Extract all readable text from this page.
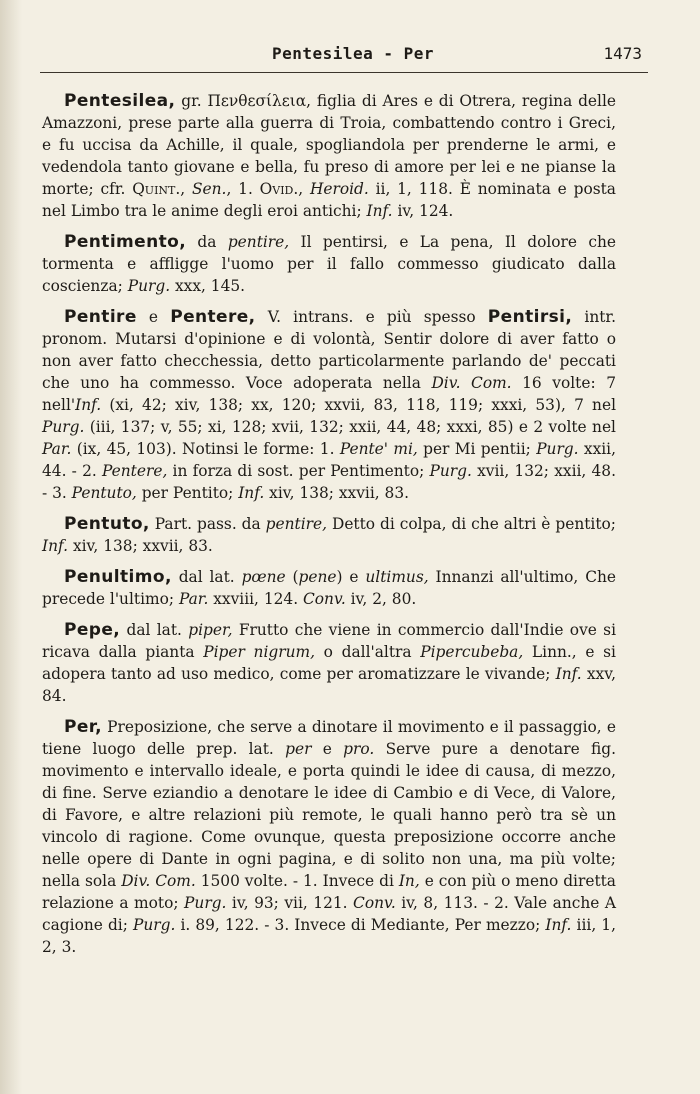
Pentesilea - Per	1473

Pentesilea, gr. Πενθεσίλεια, figlia di Ares e di Otrera, regina delle Amazzoni, prese parte alla guerra di Troia, combattendo contro i Greci, e fu uccisa da Achille, il quale, spogliandola per prenderne le armi, e vedendola tanto giovane e bella, fu preso di amore per lei e ne pianse la morte; cfr. Quint., Sen., 1. Ovid., Heroid. ii, 1, 118. È nominata e posta nel Limbo tra le anime degli eroi antichi; Inf. iv, 124.

Pentimento, da pentire, Il pentirsi, e La pena, Il dolore che tormenta e affligge l'uomo per il fallo commesso giudicato dalla coscienza; Purg. xxx, 145.

Pentire e Pentere, V. intrans. e più spesso Pentirsi, intr. pronom. Mutarsi d'opinione e di volontà, Sentir dolore di aver fatto o non aver fatto checchessia, detto particolarmente parlando de' peccati che uno ha commesso. Voce adoperata nella Div. Com. 16 volte: 7 nell'Inf. (xi, 42; xiv, 138; xx, 120; xxvii, 83, 118, 119; xxxi, 53), 7 nel Purg. (iii, 137; v, 55; xi, 128; xvii, 132; xxii, 44, 48; xxxi, 85) e 2 volte nel Par. (ix, 45, 103). Notinsi le forme: 1. Pente' mi, per Mi pentii; Purg. xxii, 44. - 2. Pentere, in forza di sost. per Pentimento; Purg. xvii, 132; xxii, 48. - 3. Pentuto, per Pentito; Inf. xiv, 138; xxvii, 83.

Pentuto, Part. pass. da pentire, Detto di colpa, di che altri è pentito; Inf. xiv, 138; xxvii, 83.

Penultimo, dal lat. pœne (pene) e ultimus, Innanzi all'ultimo, Che precede l'ultimo; Par. xxviii, 124. Conv. iv, 2, 80.

Pepe, dal lat. piper, Frutto che viene in commercio dall'Indie ove si ricava dalla pianta Piper nigrum, o dall'altra Pipercubeba, Linn., e si adopera tanto ad uso medico, come per aromatizzare le vivande; Inf. xxv, 84.

Per, Preposizione, che serve a dinotare il movimento e il passaggio, e tiene luogo delle prep. lat. per e pro. Serve pure a denotare fig. movimento e intervallo ideale, e porta quindi le idee di causa, di mezzo, di fine. Serve eziandio a denotare le idee di Cambio e di Vece, di Valore, di Favore, e altre relazioni più remote, le quali hanno però tra sè un vincolo di ragione. Come ovunque, questa preposizione occorre anche nelle opere di Dante in ogni pagina, e di solito non una, ma più volte; nella sola Div. Com. 1500 volte. - 1. Invece di In, e con più o meno diretta relazione a moto; Purg. iv, 93; vii, 121. Conv. iv, 8, 113. - 2. Vale anche A cagione di; Purg. i. 89, 122. - 3. Invece di Mediante, Per mezzo; Inf. iii, 1, 2, 3.
